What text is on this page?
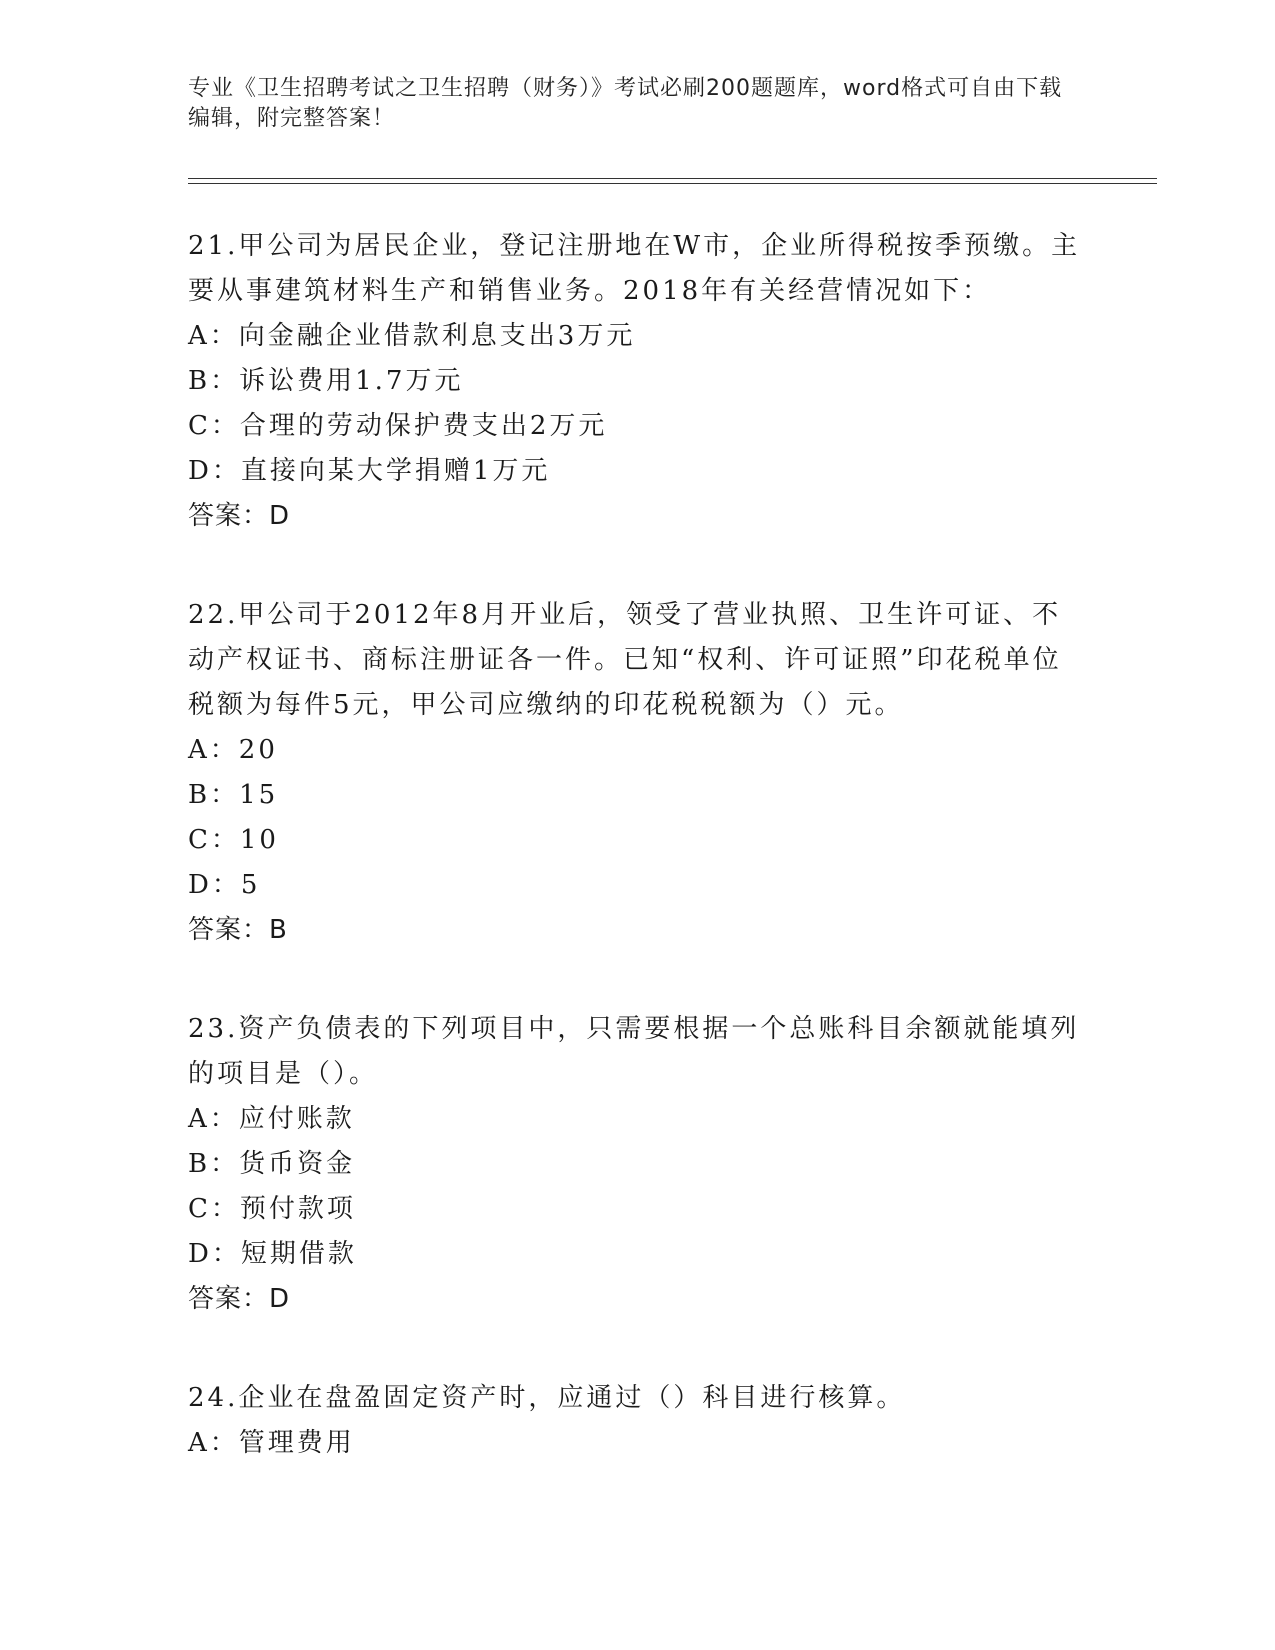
专业《卫生招聘考试之卫生招聘（财务）》考试必刷200题题库，word格式可自由下载编辑，附完整答案！

21.甲公司为居民企业，登记注册地在W市，企业所得税按季预缴。主要从事建筑材料生产和销售业务。2018年有关经营情况如下：

A：向金融企业借款利息支出3万元

B：诉讼费用1.7万元

C：合理的劳动保护费支出2万元

D：直接向某大学捐赠1万元

答案：D

22.甲公司于2012年8月开业后，领受了营业执照、卫生许可证、不动产权证书、商标注册证各一件。已知“权利、许可证照”印花税单位税额为每件5元，甲公司应缴纳的印花税税额为（）元。

A：20

B：15

C：10

D：5

答案：B

23.资产负债表的下列项目中，只需要根据一个总账科目余额就能填列的项目是（）。

A：应付账款

B：货币资金

C：预付款项

D：短期借款

答案：D

24.企业在盘盈固定资产时，应通过（）科目进行核算。

A：管理费用
